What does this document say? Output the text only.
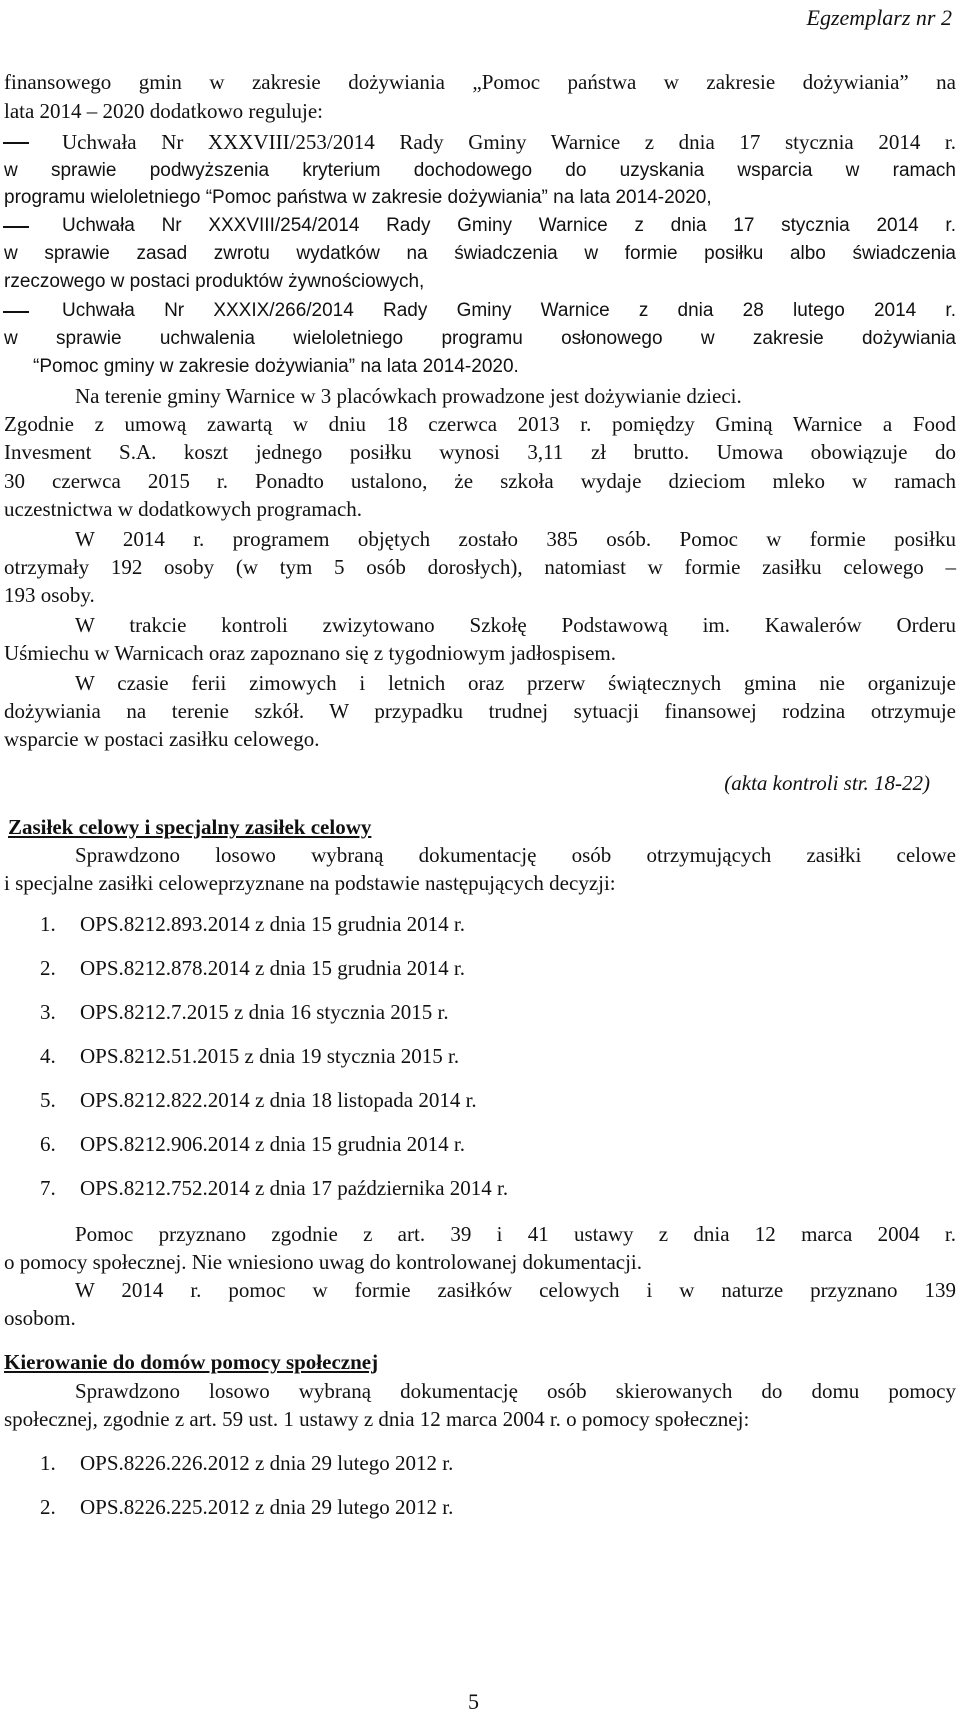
Egzemplarz nr 2
finansowego gmin w zakresie dożywiania „Pomoc państwa w zakresie dożywiania” na
lata 2014 – 2020 dodatkowo reguluje:
Uchwała Nr XXXVIII/253/2014 Rady Gminy Warnice z dnia 17 stycznia 2014 r.
w sprawie podwyższenia kryterium dochodowego do uzyskania wsparcia w ramach
programu wieloletniego “Pomoc państwa w zakresie dożywiania” na lata 2014-2020,
Uchwała Nr XXXVIII/254/2014 Rady Gminy Warnice z dnia 17 stycznia 2014 r.
w sprawie zasad zwrotu wydatków na świadczenia w formie posiłku albo świadczenia
rzeczowego w postaci produktów żywnościowych,
Uchwała Nr XXXIX/266/2014 Rady Gminy Warnice z dnia 28 lutego 2014 r.
w sprawie uchwalenia wieloletniego programu osłonowego w zakresie dożywiania
“Pomoc gminy w zakresie dożywiania” na lata 2014-2020.
Na terenie gminy Warnice w 3 placówkach prowadzone jest dożywianie dzieci.
Zgodnie z umową zawartą w dniu 18 czerwca 2013 r. pomiędzy Gminą Warnice a Food
Invesment S.A. koszt jednego posiłku wynosi 3,11 zł brutto. Umowa obowiązuje do
30 czerwca 2015 r. Ponadto ustalono, że szkoła wydaje dzieciom mleko w ramach
uczestnictwa w dodatkowych programach.
W 2014 r. programem objętych zostało 385 osób. Pomoc w formie posiłku
otrzymały 192 osoby (w tym 5 osób dorosłych), natomiast w formie zasiłku celowego –
193 osoby.
W trakcie kontroli zwizytowano Szkołę Podstawową im. Kawalerów Orderu
Uśmiechu w Warnicach oraz zapoznano się z tygodniowym jadłospisem.
W czasie ferii zimowych i letnich oraz przerw świątecznych gmina nie organizuje
dożywiania na terenie szkół. W przypadku trudnej sytuacji finansowej rodzina otrzymuje
wsparcie w postaci zasiłku celowego.
(akta kontroli str. 18-22)
Zasiłek celowy i specjalny zasiłek celowy
Sprawdzono losowo wybraną dokumentację osób otrzymujących zasiłki celowe
i specjalne zasiłki celoweprzyznane na podstawie następujących decyzji:
1. OPS.8212.893.2014 z dnia 15 grudnia 2014 r.
2. OPS.8212.878.2014 z dnia 15 grudnia 2014 r.
3. OPS.8212.7.2015 z dnia 16 stycznia 2015 r.
4. OPS.8212.51.2015 z dnia 19 stycznia 2015 r.
5. OPS.8212.822.2014 z dnia 18 listopada 2014 r.
6. OPS.8212.906.2014 z dnia 15 grudnia 2014 r.
7. OPS.8212.752.2014 z dnia 17 października 2014 r.
Pomoc przyznano zgodnie z art. 39 i 41 ustawy z dnia 12 marca 2004 r.
o pomocy społecznej. Nie wniesiono uwag do kontrolowanej dokumentacji.
W 2014 r. pomoc w formie zasiłków celowych i w naturze przyznano 139
osobom.
Kierowanie do domów pomocy społecznej
Sprawdzono losowo wybraną dokumentację osób skierowanych do domu pomocy
społecznej, zgodnie z art. 59 ust. 1 ustawy z dnia 12 marca 2004 r. o pomocy społecznej:
1. OPS.8226.226.2012 z dnia 29 lutego 2012 r.
2. OPS.8226.225.2012 z dnia 29 lutego 2012 r.
5
